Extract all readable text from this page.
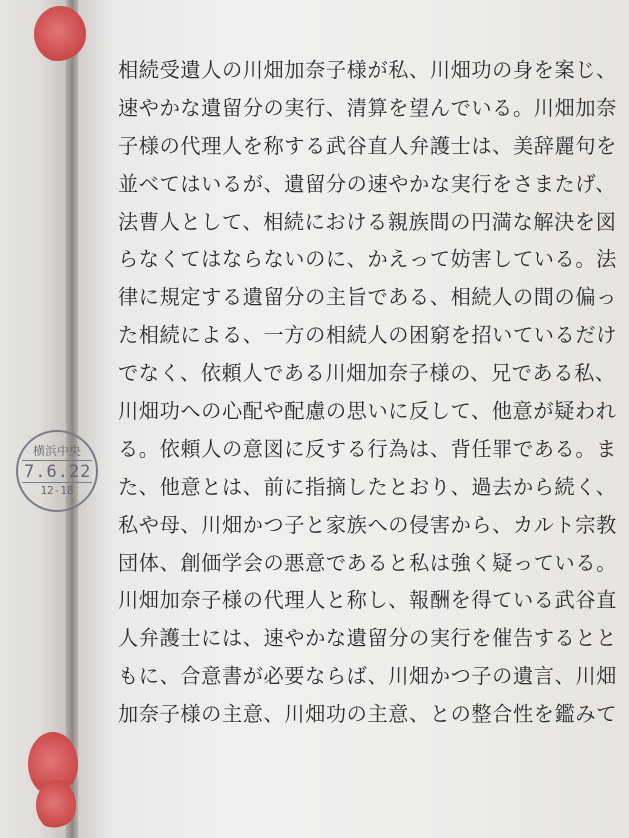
横浜中央
7.6.22
12-18
相続受遺人の川畑加奈子様が私、川畑功の身を案じ、
速やかな遺留分の実行、清算を望んでいる。川畑加奈
子様の代理人を称する武谷直人弁護士は、美辞麗句を
並べてはいるが、遺留分の速やかな実行をさまたげ、
法曹人として、相続における親族間の円満な解決を図
らなくてはならないのに、かえって妨害している。法
律に規定する遺留分の主旨である、相続人の間の偏っ
た相続による、一方の相続人の困窮を招いているだけ
でなく、依頼人である川畑加奈子様の、兄である私、
川畑功への心配や配慮の思いに反して、他意が疑われ
る。依頼人の意図に反する行為は、背任罪である。ま
た、他意とは、前に指摘したとおり、過去から続く、
私や母、川畑かつ子と家族への侵害から、カルト宗教
団体、創価学会の悪意であると私は強く疑っている。
川畑加奈子様の代理人と称し、報酬を得ている武谷直
人弁護士には、速やかな遺留分の実行を催告するとと
もに、合意書が必要ならば、川畑かつ子の遺言、川畑
加奈子様の主意、川畑功の主意、との整合性を鑑みて
